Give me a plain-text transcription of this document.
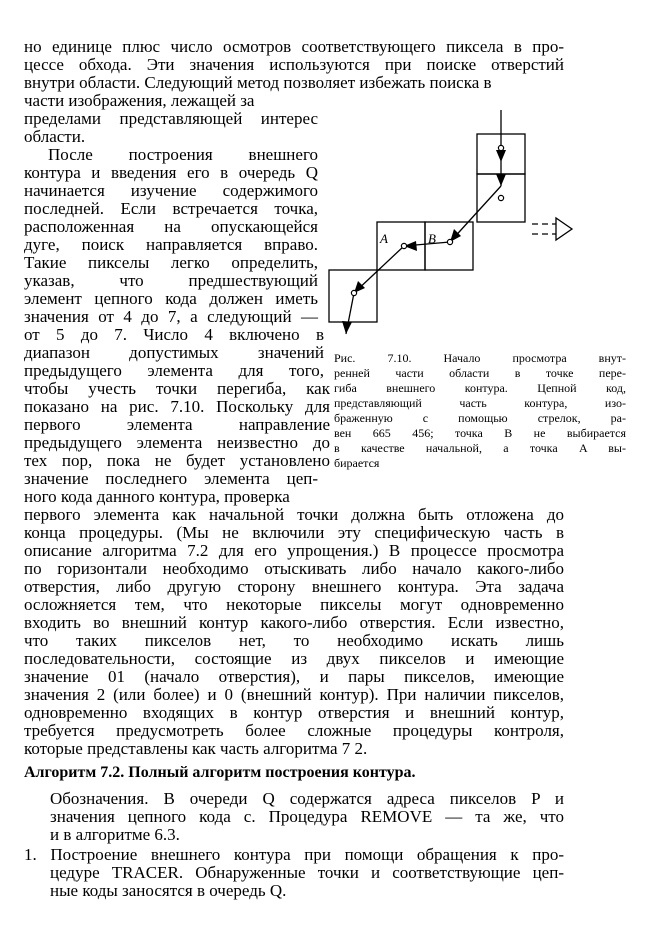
но единице плюс число осмотров соответствующего пиксела в про-
цессе обхода. Эти значения используются при поиске отверстий
внутри области. Следующий метод позволяет избежать поиска в
части изображения, лежащей за
пределами представляющей интерес
области.
После построения внешнего
контура и введения его в очередь Q
начинается изучение содержимого
последней. Если встречается точка,
расположенная на опускающейся
дуге, поиск направляется вправо.
Такие пикселы легко определить,
указав, что предшествующий
элемент цепного кода должен иметь
значения от 4 до 7, а следующий —
от 5 до 7. Число 4 включено в
диапазон допустимых значений
предыдущего элемента для того,
чтобы учесть точки перегиба, как
показано на рис. 7.10. Поскольку для
первого элемента направление
предыдущего элемента неизвестно до
тех пор, пока не будет установлено
значение последнего элемента цеп-
ного кода данного контура, проверка
A	B
Рис. 7.10. Начало просмотра внут-
ренней части области в точке пере-
гиба внешнего контура. Цепной код,
представляющий часть контура, изо-
браженную с помощью стрелок, ра-
вен 665 456; точка B не выбирается
в качестве начальной, а точка A вы-
бирается
первого элемента как начальной точки должна быть отложена до
конца процедуры. (Мы не включили эту специфическую часть в
описание алгоритма 7.2 для его упрощения.) В процессе просмотра
по горизонтали необходимо отыскивать либо начало какого-либо
отверстия, либо другую сторону внешнего контура. Эта задача
осложняется тем, что некоторые пикселы могут одновременно
входить во внешний контур какого-либо отверстия. Если известно,
что таких пикселов нет, то необходимо искать лишь
последовательности, состоящие из двух пикселов и имеющие
значение 01 (начало отверстия), и пары пикселов, имеющие
значения 2 (или более) и 0 (внешний контур). При наличии пикселов,
одновременно входящих в контур отверстия и внешний контур,
требуется предусмотреть более сложные процедуры контроля,
которые представлены как часть алгоритма 7 2.
Алгоритм 7.2. Полный алгоритм построения контура.
Обозначения. В очереди Q содержатся адреса пикселов P и
значения цепного кода c. Процедура REMOVE — та же, что
и в алгоритме 6.3.
1. Построение внешнего контура при помощи обращения к про-
цедуре TRACER. Обнаруженные точки и соответствующие цеп-
ные коды заносятся в очередь Q.
